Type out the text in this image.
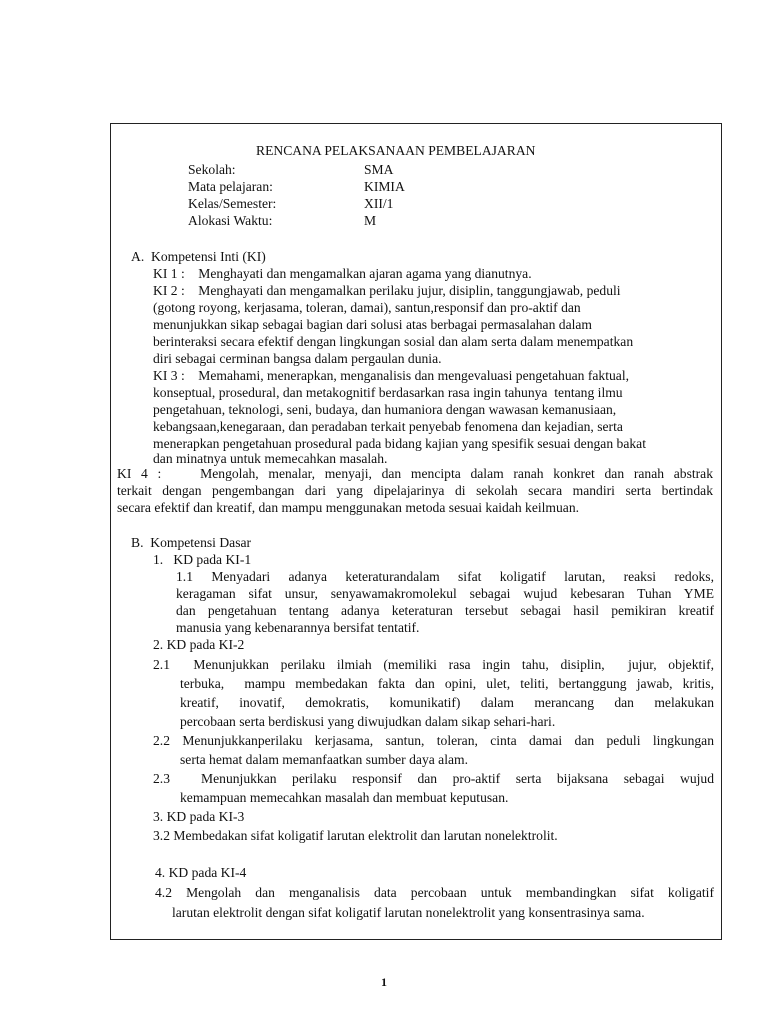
RENCANA PELAKSANAAN PEMBELAJARAN
Sekolah:	SMA
Mata pelajaran:	KIMIA
Kelas/Semester:	XII/1
Alokasi Waktu:	M
A.  Kompetensi Inti (KI)
KI 1 :    Menghayati dan mengamalkan ajaran agama yang dianutnya.
KI 2 :    Menghayati dan mengamalkan perilaku jujur, disiplin, tanggungjawab, peduli
(gotong royong, kerjasama, toleran, damai), santun,responsif dan pro-aktif dan
menunjukkan sikap sebagai bagian dari solusi atas berbagai permasalahan dalam
berinteraksi secara efektif dengan lingkungan sosial dan alam serta dalam menempatkan
diri sebagai cerminan bangsa dalam pergaulan dunia.
KI 3 :    Memahami, menerapkan, menganalisis dan mengevaluasi pengetahuan faktual,
konseptual, prosedural, dan metakognitif berdasarkan rasa ingin tahunya  tentang ilmu
pengetahuan, teknologi, seni, budaya, dan humaniora dengan wawasan kemanusiaan,
kebangsaan,kenegaraan, dan peradaban terkait penyebab fenomena dan kejadian, serta
menerapkan pengetahuan prosedural pada bidang kajian yang spesifik sesuai dengan bakat
dan minatnya untuk memecahkan masalah.
KI 4 :    Mengolah, menalar, menyaji, dan mencipta dalam ranah konkret dan ranah abstrak
terkait dengan pengembangan dari yang dipelajarinya di sekolah secara mandiri serta bertindak
secara efektif dan kreatif, dan mampu menggunakan metoda sesuai kaidah keilmuan.
B.  Kompetensi Dasar
1.   KD pada KI-1
1.1 Menyadari adanya keteraturandalam sifat koligatif larutan, reaksi redoks,
keragaman sifat unsur, senyawamakromolekul sebagai wujud kebesaran Tuhan YME
dan pengetahuan tentang adanya keteraturan tersebut sebagai hasil pemikiran kreatif
manusia yang kebenarannya bersifat tentatif.
2. KD pada KI-2
2.1  Menunjukkan perilaku ilmiah (memiliki rasa ingin tahu, disiplin,  jujur, objektif,
terbuka,  mampu membedakan fakta dan opini, ulet, teliti, bertanggung jawab, kritis,
kreatif, inovatif, demokratis, komunikatif) dalam merancang dan melakukan
percobaan serta berdiskusi yang diwujudkan dalam sikap sehari-hari.
2.2 Menunjukkanperilaku kerjasama, santun, toleran, cinta damai dan peduli lingkungan
serta hemat dalam memanfaatkan sumber daya alam.
2.3  Menunjukkan perilaku responsif dan pro-aktif serta bijaksana sebagai wujud
kemampuan memecahkan masalah dan membuat keputusan.
3. KD pada KI-3
3.2 Membedakan sifat koligatif larutan elektrolit dan larutan nonelektrolit.
4. KD pada KI-4
4.2 Mengolah dan menganalisis data percobaan untuk membandingkan sifat koligatif
larutan elektrolit dengan sifat koligatif larutan nonelektrolit yang konsentrasinya sama.
1
